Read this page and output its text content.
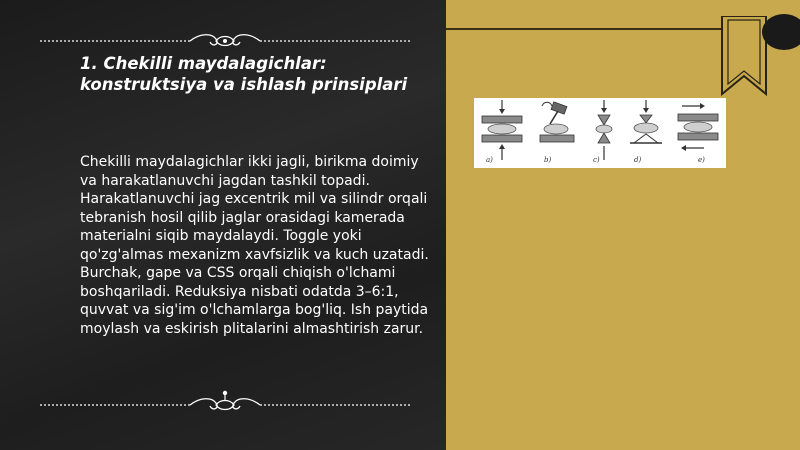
1. Chekilli maydalagichlar: konstruktsiya va ishlash prinsiplari

Chekilli maydalagichlar ikki jagli, birikma doimiy va harakatlanuvchi jagdan tashkil topadi. Harakatlanuvchi jag excentrik mil va silindr orqali tebranish hosil qilib jaglar orasidagi kamerada materialni siqib maydalaydi. Toggle yoki qo'zg'almas mexanizm xavfsizlik va kuch uzatadi. Burchak, gape va CSS orqali chiqish o'lchami boshqariladi. Reduksiya nisbati odatda 3–6:1, quvvat va sig'im o'lchamlarga bog'liq. Ish paytida moylash va eskirish plitalarini almashtirish zarur.

a)	b)	c)	d)	e)
